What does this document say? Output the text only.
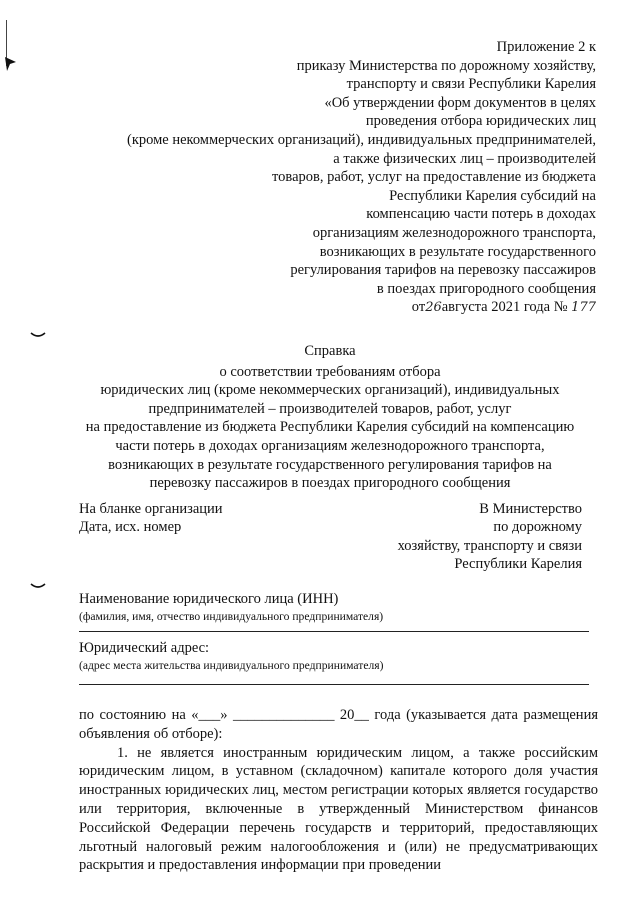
Приложение 2 к
приказу Министерства по дорожному хозяйству,
транспорту и связи Республики Карелия
«Об утверждении форм документов в целях
проведения отбора юридических лиц
(кроме некоммерческих организаций), индивидуальных предпринимателей,
а также физических лиц – производителей
товаров, работ, услуг на предоставление из бюджета
Республики Карелия субсидий на
компенсацию части потерь в доходах
организациям железнодорожного транспорта,
возникающих в результате государственного
регулирования тарифов на перевозку пассажиров
в поездах пригородного сообщения
от26августа 2021 года № 177
Справка
о соответствии требованиям отбора
юридических лиц (кроме некоммерческих организаций), индивидуальных
предпринимателей – производителей товаров, работ, услуг
на предоставление из бюджета Республики Карелия субсидий на компенсацию
части потерь в доходах организациям железнодорожного транспорта,
возникающих в результате государственного регулирования тарифов на
перевозку пассажиров в поездах пригородного сообщения
На бланке организации
Дата, исх. номер
В Министерство
по дорожному
хозяйству, транспорту и связи
Республики Карелия
Наименование юридического лица (ИНН)
(фамилия, имя, отчество индивидуального предпринимателя)
Юридический адрес:
(адрес места жительства индивидуального предпринимателя)

по состоянию на «___» ______________ 20__ года (указывается дата размещения объявления об отборе):

1. не является иностранным юридическим лицом, а также российским юридическим лицом, в уставном (складочном) капитале которого доля участия иностранных юридических лиц, местом регистрации которых является государство или территория, включенные в утвержденный Министерством финансов Российской Федерации перечень государств и территорий, предоставляющих льготный налоговый режим налогообложения и (или) не предусматривающих раскрытия и предоставления информации при проведении
